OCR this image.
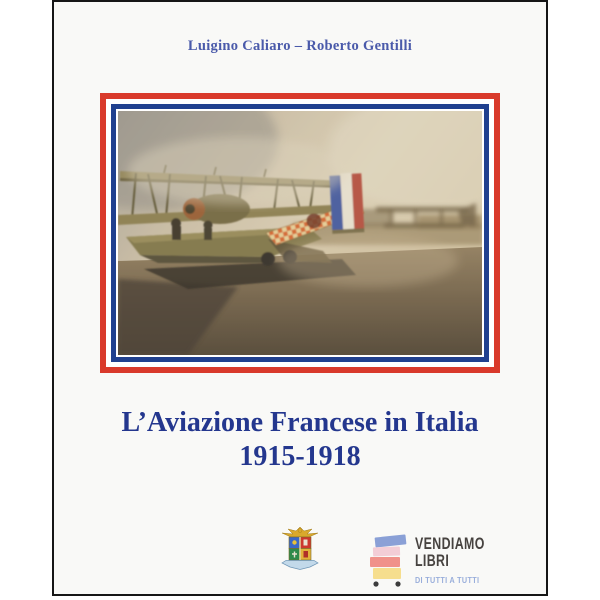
Luigino Caliaro – Roberto Gentilli
L’Aviazione Francese in Italia
1915-1918
VENDIAMO
LIBRI
DI TUTTI A TUTTI
